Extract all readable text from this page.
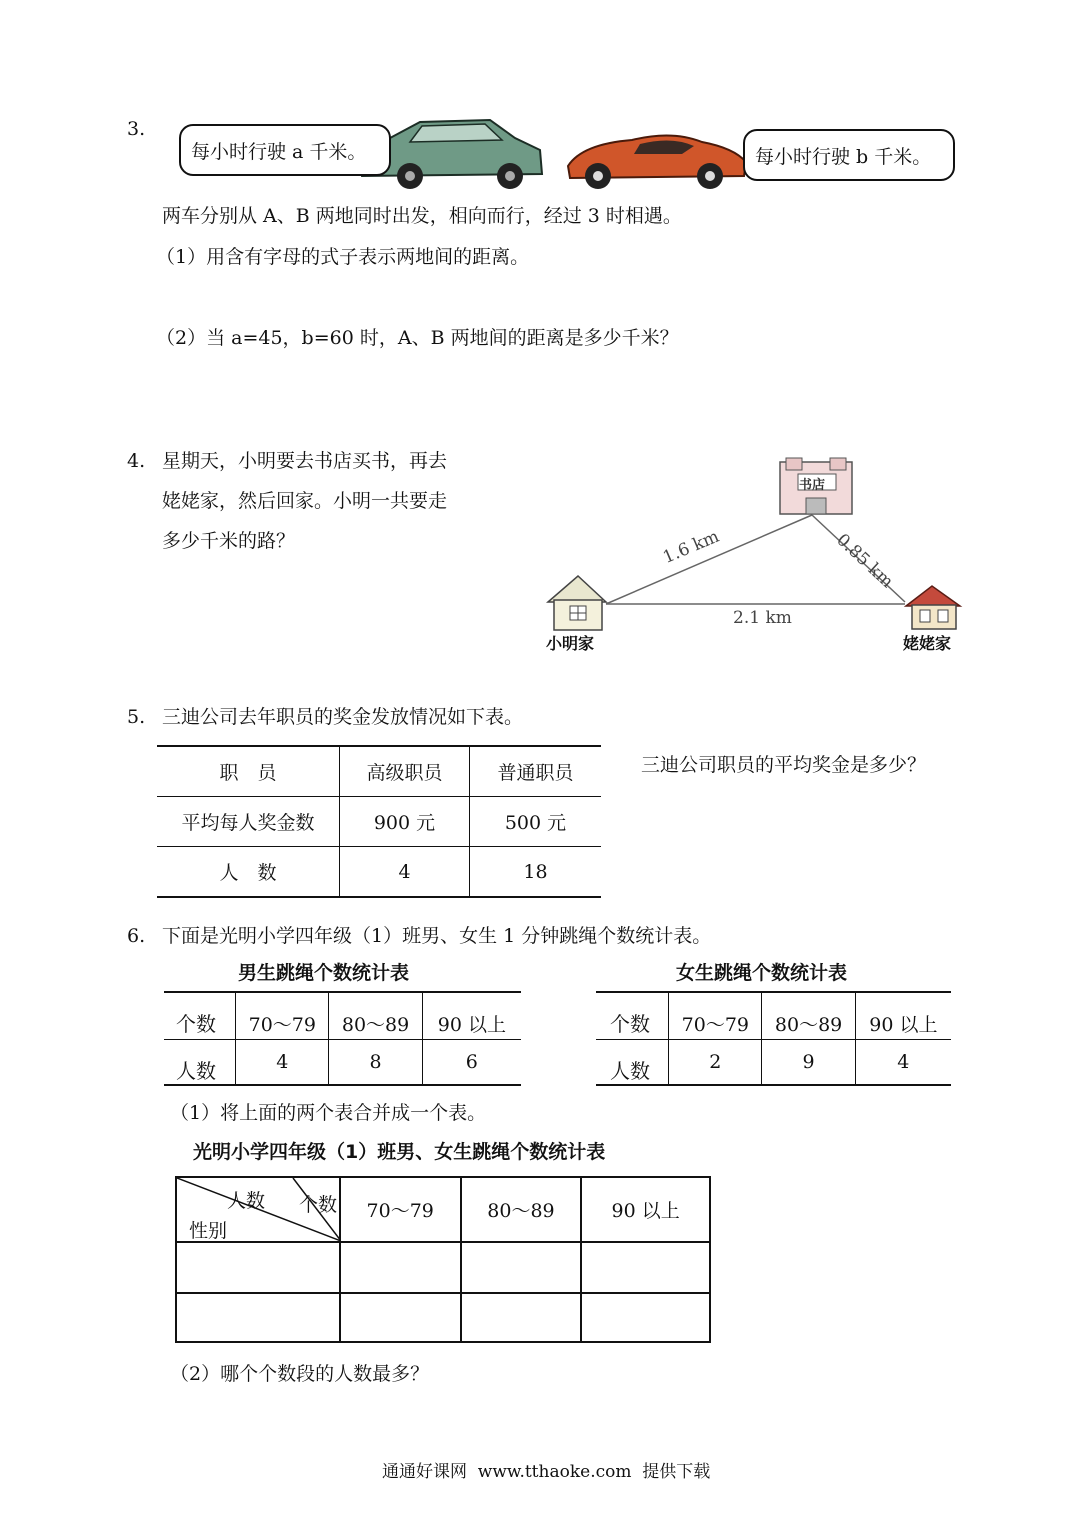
3.
每小时行驶 a 千米。	每小时行驶 b 千米。
两车分别从 A、B 两地同时出发，相向而行，经过 3 时相遇。
（1）用含有字母的式子表示两地间的距离。
（2）当 a=45，b=60 时，A、B 两地间的距离是多少千米？
4. 星期天，小明要去书店买书，再去
姥姥家，然后回家。小明一共要走
多少千米的路？
书店
小明家	姥姥家
1.6 km	0.85 km
2.1 km
5. 三迪公司去年职员的奖金发放情况如下表。
职　员	高级职员	普通职员
平均每人奖金数	900 元	500 元
人　数	4	18
三迪公司职员的平均奖金是多少？
6. 下面是光明小学四年级（1）班男、女生 1 分钟跳绳个数统计表。
男生跳绳个数统计表
个数	70～79	80～89	90 以上

人数	4	8	6
女生跳绳个数统计表
个数	70～79	80～89	90 以上

人数	2	9	4
（1）将上面的两个表合并成一个表。
光明小学四年级（1）班男、女生跳绳个数统计表
人数 个数
性别	70～79	80～89	90 以上

（2）哪个个数段的人数最多？
通通好课网  www.tthaoke.com  提供下载
